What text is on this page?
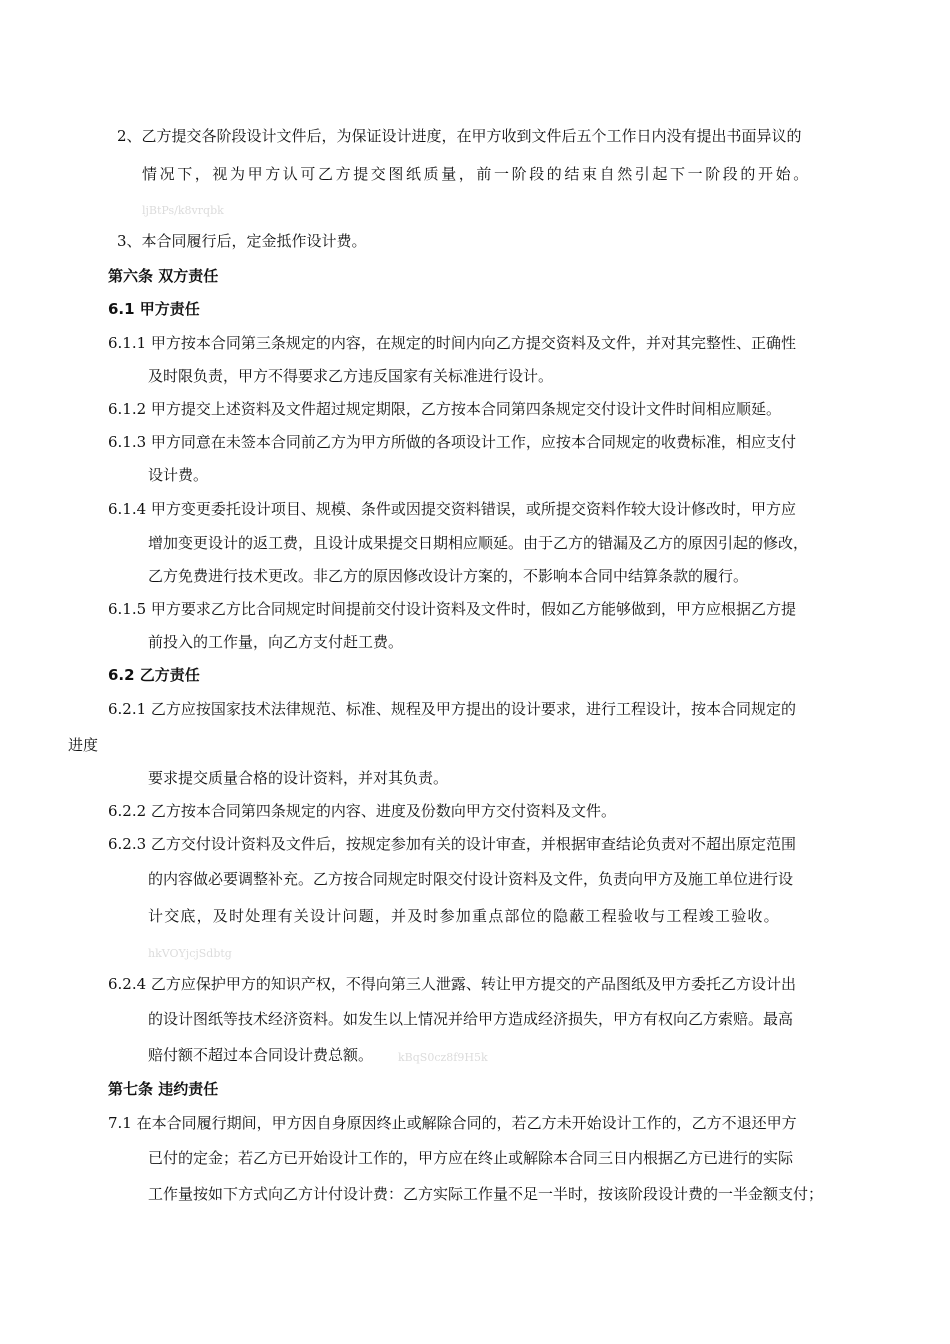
2、乙方提交各阶段设计文件后，为保证设计进度，在甲方收到文件后五个工作日内没有提出书面异议的
情况下，视为甲方认可乙方提交图纸质量，前一阶段的结束自然引起下一阶段的开始。
ljBtPs/k8vrqbk
3、本合同履行后，定金抵作设计费。
第六条 双方责任
6.1 甲方责任
6.1.1 甲方按本合同第三条规定的内容，在规定的时间内向乙方提交资料及文件，并对其完整性、正确性
及时限负责，甲方不得要求乙方违反国家有关标准进行设计。
6.1.2 甲方提交上述资料及文件超过规定期限，乙方按本合同第四条规定交付设计文件时间相应顺延。
6.1.3 甲方同意在未签本合同前乙方为甲方所做的各项设计工作，应按本合同规定的收费标准，相应支付
设计费。
6.1.4 甲方变更委托设计项目、规模、条件或因提交资料错误，或所提交资料作较大设计修改时，甲方应
增加变更设计的返工费，且设计成果提交日期相应顺延。由于乙方的错漏及乙方的原因引起的修改，
乙方免费进行技术更改。非乙方的原因修改设计方案的，不影响本合同中结算条款的履行。
6.1.5 甲方要求乙方比合同规定时间提前交付设计资料及文件时，假如乙方能够做到，甲方应根据乙方提
前投入的工作量，向乙方支付赶工费。
6.2 乙方责任
6.2.1 乙方应按国家技术法律规范、标准、规程及甲方提出的设计要求，进行工程设计，按本合同规定的
进度
要求提交质量合格的设计资料，并对其负责。
6.2.2 乙方按本合同第四条规定的内容、进度及份数向甲方交付资料及文件。
6.2.3 乙方交付设计资料及文件后，按规定参加有关的设计审查，并根据审查结论负责对不超出原定范围
的内容做必要调整补充。乙方按合同规定时限交付设计资料及文件，负责向甲方及施工单位进行设
计交底，及时处理有关设计问题，并及时参加重点部位的隐蔽工程验收与工程竣工验收。
hkVOYjcjSdbtg
6.2.4 乙方应保护甲方的知识产权，不得向第三人泄露、转让甲方提交的产品图纸及甲方委托乙方设计出
的设计图纸等技术经济资料。如发生以上情况并给甲方造成经济损失，甲方有权向乙方索赔。最高
赔付额不超过本合同设计费总额。 kBqS0cz8f9H5k
第七条 违约责任
7.1 在本合同履行期间，甲方因自身原因终止或解除合同的，若乙方未开始设计工作的，乙方不退还甲方
已付的定金；若乙方已开始设计工作的，甲方应在终止或解除本合同三日内根据乙方已进行的实际
工作量按如下方式向乙方计付设计费：乙方实际工作量不足一半时，按该阶段设计费的一半金额支付；
